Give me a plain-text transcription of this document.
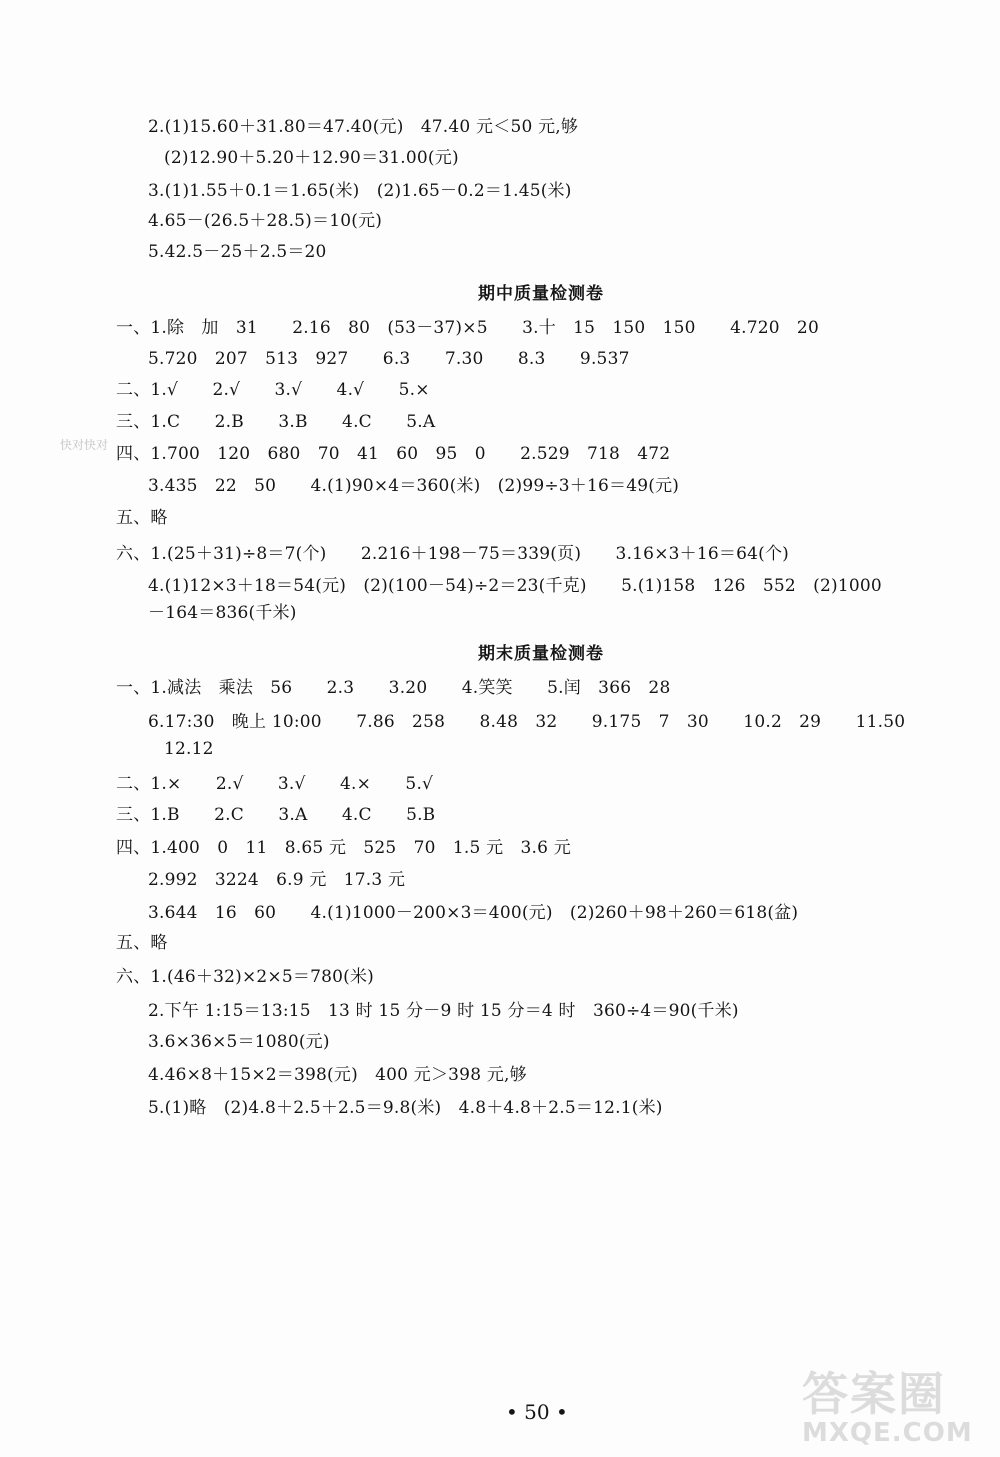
2.(1)15.60＋31.80＝47.40(元)　47.40 元＜50 元,够
(2)12.90＋5.20＋12.90＝31.00(元)
3.(1)1.55＋0.1＝1.65(米)　(2)1.65－0.2＝1.45(米)
4.65－(26.5＋28.5)＝10(元)
5.42.5－25＋2.5＝20
期中质量检测卷
一、1.除　加　31　　2.16　80　(53－37)×5　　3.十　15　150　150　　4.720　20
5.720　207　513　927　　6.3　　7.30　　8.3　　9.537
二、1.√　　2.√　　3.√　　4.√　　5.×
三、1.C　　2.B　　3.B　　4.C　　5.A
四、1.700　120　680　70　41　60　95　0　　2.529　718　472
3.435　22　50　　4.(1)90×4＝360(米)　(2)99÷3＋16＝49(元)
五、略
六、1.(25＋31)÷8＝7(个)　　2.216＋198－75＝339(页)　　3.16×3＋16＝64(个)
4.(1)12×3＋18＝54(元)　(2)(100－54)÷2＝23(千克)　　5.(1)158　126　552　(2)1000
－164＝836(千米)
期末质量检测卷
一、1.减法　乘法　56　　2.3　　3.20　　4.笑笑　　5.闰　366　28
6.17:30　晚上 10:00　　7.86　258　　8.48　32　　9.175　7　30　　10.2　29　　11.50
12.12
二、1.×　　2.√　　3.√　　4.×　　5.√
三、1.B　　2.C　　3.A　　4.C　　5.B
四、1.400　0　11　8.65 元　525　70　1.5 元　3.6 元
2.992　3224　6.9 元　17.3 元
3.644　16　60　　4.(1)1000－200×3＝400(元)　(2)260＋98＋260＝618(盆)
五、略
六、1.(46＋32)×2×5＝780(米)
2.下午 1:15＝13:15　13 时 15 分－9 时 15 分＝4 时　360÷4＝90(千米)
3.6×36×5＝1080(元)
4.46×8＋15×2＝398(元)　400 元＞398 元,够
5.(1)略　(2)4.8＋2.5＋2.5＝9.8(米)　4.8＋4.8＋2.5＝12.1(米)
快对快对
• 50 •	答案圈
MXQE.COM
